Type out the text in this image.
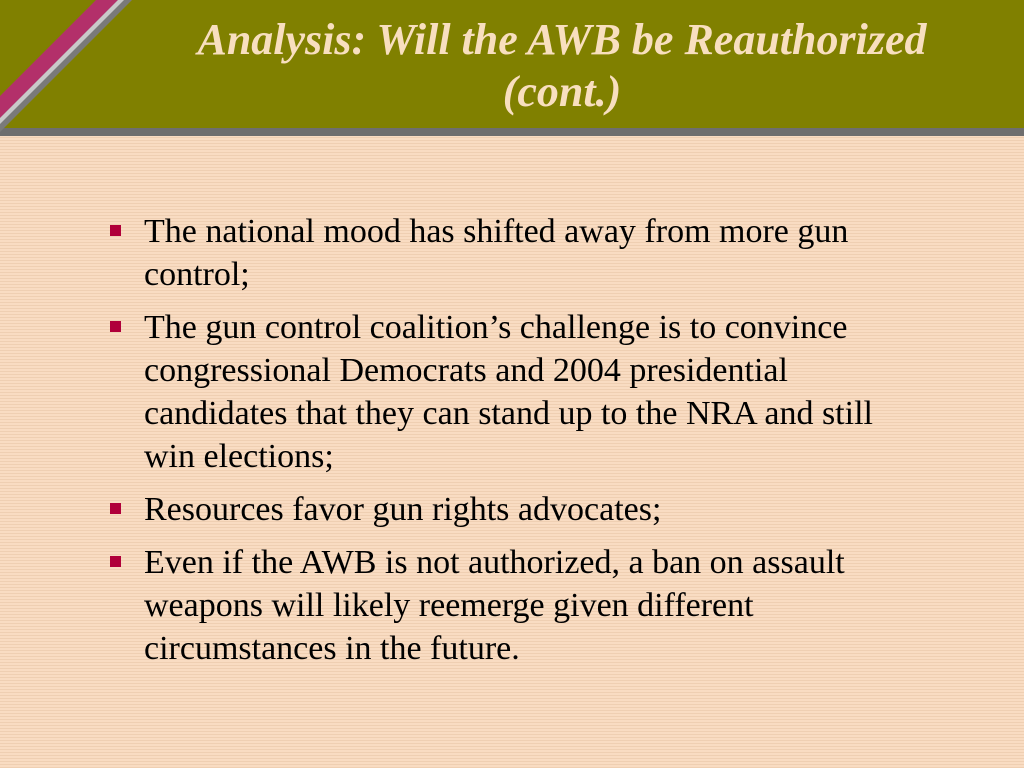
Analysis: Will the AWB be Reauthorized
(cont.)
The national mood has shifted away from more gun control;
The gun control coalition’s challenge is to convince congressional Democrats and 2004 presidential candidates that they can stand up to the NRA and still win elections;
Resources favor gun rights advocates;
Even if the AWB is not authorized, a ban on assault weapons will likely reemerge given different circumstances in the future.
